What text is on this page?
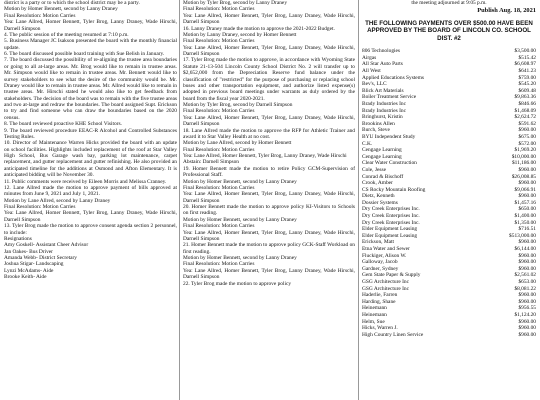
district is a party or to which the school district may be a party.

Motion by Homer Bennett, second by Lanny Draney

Final Resolution: Motion Carries

Yea: Lane Allred, Homer Bennett, Tyler Brog, Lanny Draney, Wade Hirschi, Darnell Simpson

4. The public session of the meeting resumed at 7:10 p.m.

5. Business Manager JC Isakson presented the board with the monthly financial update.

6. The board discussed possible board training with Sue Belish in January.

7. The board discussed the possibility of re-aligning the trustee area boundaries or going to all at-large areas. Mr. Brog would like to remain in trustee areas. Mr. Simpson would like to remain in trustee areas. Mr. Bennett would like to survey stakeholders to see what the desire of the community would be. Mr. Draney would like to remain in trustee areas. Mr. Allred would like to remain in trustee areas. Mr. Hirschi stated he would also like to get feedback from stakeholders. The decision of the board was to remain with the five trustee areas and two at-large and redraw the boundaries. The board assigned Supt. Erickson to try and find someone who can draw the boundaries based on the 2020 census.

8. The board reviewed proactive KHE School Visitors.

9. The board reviewed procedure EEAC-R Alcohol and Controlled Substances Testing Rules.

10. Director of Maintenance Warren Hicks provided the board with an update on school facilities. Highlights included replacement of the roof at Star Valley High School, Bus Garage wash bay, parking lot maintenance, carpet replacement, and gutter replacement and gutter refinishing. He also provided an anticipated timeline for the additions at Osmond and Afton Elementary. It is anticipated bidding will be November 30.

11. Public comments were received by Eileen Morris and Melissa Cranney.

12. Lane Allred made the motion to approve payment of bills approved at minutes from June 9, 2021 and July 1, 2021.

Motion by Lane Allred, second by Lanny Draney

Final Resolution: Motion Carries

Yea: Lane Allred, Homer Bennett, Tyler Brog, Lanny Draney, Wade Hirschi, Darnell Simpson

13. Tyler Brog made the motion to approve consent agenda section 2 personnel, to include:

Resignations

Amy Goskell- Assistant Cheer Advisor

Jan Oakes- Bus Driver

Amanda Webb- District Secretary

Joshua Stigar- Landscaping

Lynzi McAdams- Aide

Brooke Keith- Aide

Motion by Tyler Brog, second by Lanny Draney

Final Resolution: Motion Carries

Yea: Lane Allred, Homer Bennett, Tyler Brog, Lanny Draney, Wade Hirschi, Darnell Simpson

16. Lanny Draney made the motion to approve the 2021-2022 Budget.

Motion by Lanny Draney, second by Homer Bennett

Final Resolution: Motion Carries

Yea: Lane Allred, Homer Bennett, Tyler Brog, Lanny Draney, Wade Hirschi, Darnell Simpson

17. Tyler Brog made the motion to approve, in accordance with Wyoming State Statute 21-13-504 Lincoln County School District No. 2 will transfer up to $2,652,000 from the Depreciation Reserve fund balance under the classification of "restricted" for the purpose of purchasing or replacing school buses and other transportation equipment, and authorize listed expense(s) adopted in previous board meetings under warrants as duly ordered by the board from the fiscal year 2020-2021.

Motion by Tyler Brog, second by Darnell Simpson

Final Resolution: Motion Carries

Yea: Lane Allred, Homer Bennett, Tyler Brog, Lanny Draney, Wade Hirschi, Darnell Simpson

18. Lane Allred made the motion to approve the RFP for Athletic Trainer and award it to Star Valley Health at no cost.

Motion by Lane Allred, second by Homer Bennett

Final Resolution: Motion Carries

Yea: Lane Allred, Homer Bennett, Tyler Brog, Lanny Draney, Wade Hirschi

Abstain: Darnell Simpson

19. Homer Bennett made the motion to retire Policy GCM-Supervision of Professional Staff.

Motion by Homer Bennett, second by Lanny Draney

Final Resolution: Motion Carries

Yea: Lane Allred, Homer Bennett, Tyler Brog, Lanny Draney, Wade Hirschi, Darnell Simpson

20. Homer Bennett made the motion to approve policy KI-Visitors to Schools on first reading.

Motion by Homer Bennett, second by Lanny Draney

Final Resolution: Motion Carries

Yea: Lane Allred, Homer Bennett, Tyler Brog, Lanny Draney, Wade Hirschi, Darnell Simpson

21. Homer Bennett made the motion to approve policy GCK-Staff Workload on first reading.

Motion by Homer Bennett, second by Lanny Draney

Final Resolution: Motion Carries

Yea: Lane Allred, Homer Bennett, Tyler Brog, Lanny Draney, Wade Hirschi, Darnell Simpson

22. Tyler Brog made the motion to approve policy

the meeting adjourned at 9:05 p.m.

Publish Aug. 18, 2021

THE FOLLOWING PAYMENTS OVER $500.00 HAVE BEEN

APPROVED BY THE BOARD OF LINCOLN CO. SCHOOL DIST. #2

806 Technologies	$3,500.00
Airgas	$515.42
All Star Auto Parts	$6,608.97
All West	$641.23
Applied Educations Systems	$759.00
Bev's, LLC	$545.20
Blick Art Materials	$609.48
Boiler Treatment Service	$9,863.36
Brady Industries Inc	$846.66
Brady Industries Inc	$1,468.09
Bringhurst, Kristin	$2,624.72
Brookins Allen	$591.62
Burch, Steve	$960.00
BYU Independent Study	$675.00
C.K.	$572.00
Cengage Learning	$1,969.20
Cengage Learning	$10,000.00
Clear Water Construction	$11,186.00
Cole, Jesse	$960.00
Conrad & Bischoff	$26,008.85
Crook, Amber	$960.00
CS Rocky Mountain Roofing	$9,066.91
Dietz, Kenneth	$960.00
Dossier Systems	$1,457.16
Dry Creek Enterprises Inc.	$650.00
Dry Creek Enterprises Inc.	$1,400.00
Dry Creek Enterprises Inc.	$1,350.00
Elder Equipment Leasing	$716.51
Elder Equipment Leasing	$513,000.00
Erickson, Matt	$960.00
Etna Water and Sewer	$6,144.00
Fluckiger, Alison W.	$960.00
Galloway, Jacob	$960.00
Gardner, Sydney	$960.00
Gem State Paper & Supply	$2,561.02
GSG Architecture Inc	$653.00
GSG Architecture Inc	$8,081.22
Haderlie, Farren	$960.00
Harding, Shane	$960.00
Heinemann	$956.55
Heinemann	$1,124.20
Helm, Sue	$960.00
Hicks, Warren J.	$960.00
High Country Linen Service	$960.00
